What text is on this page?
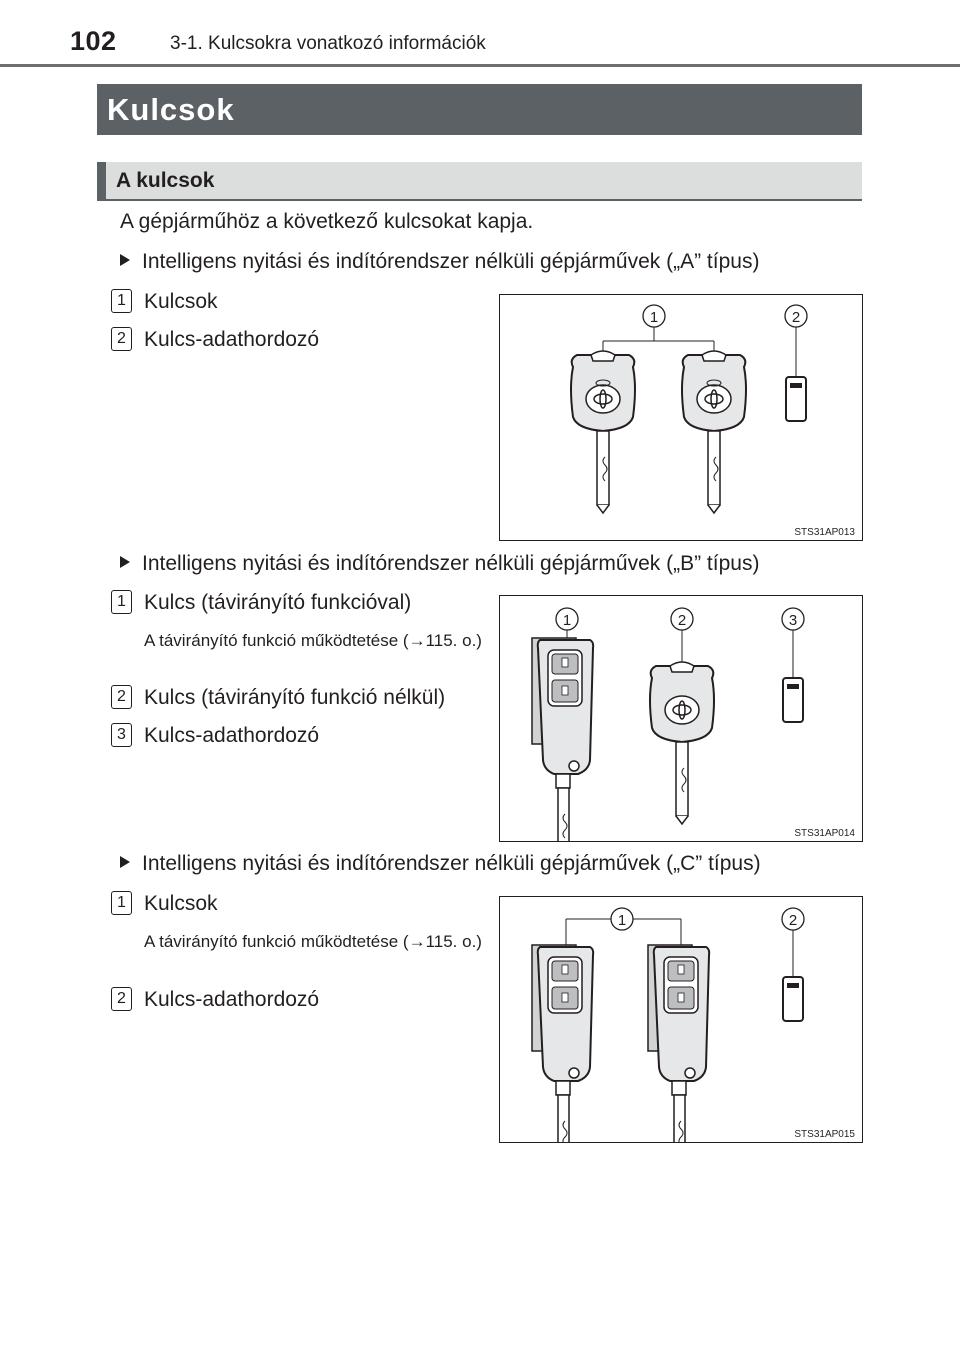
102	3-1. Kulcsokra vonatkozó információk
Kulcsok
A kulcsok
A gépjárműhöz a következő kulcsokat kapja.
Intelligens nyitási és indítórendszer nélküli gépjárművek („A” típus)
1 Kulcsok
2 Kulcs-adathordozó
1	2
STS31AP013
Intelligens nyitási és indítórendszer nélküli gépjárművek („B” típus)
1 Kulcs (távirányító funkcióval)
A távirányító funkció működtetése (→115. o.)
2 Kulcs (távirányító funkció nélkül)
3 Kulcs-adathordozó
1	2	3
STS31AP014
Intelligens nyitási és indítórendszer nélküli gépjárművek („C” típus)
1 Kulcsok
A távirányító funkció működtetése (→115. o.)
2 Kulcs-adathordozó
1	2
STS31AP015
